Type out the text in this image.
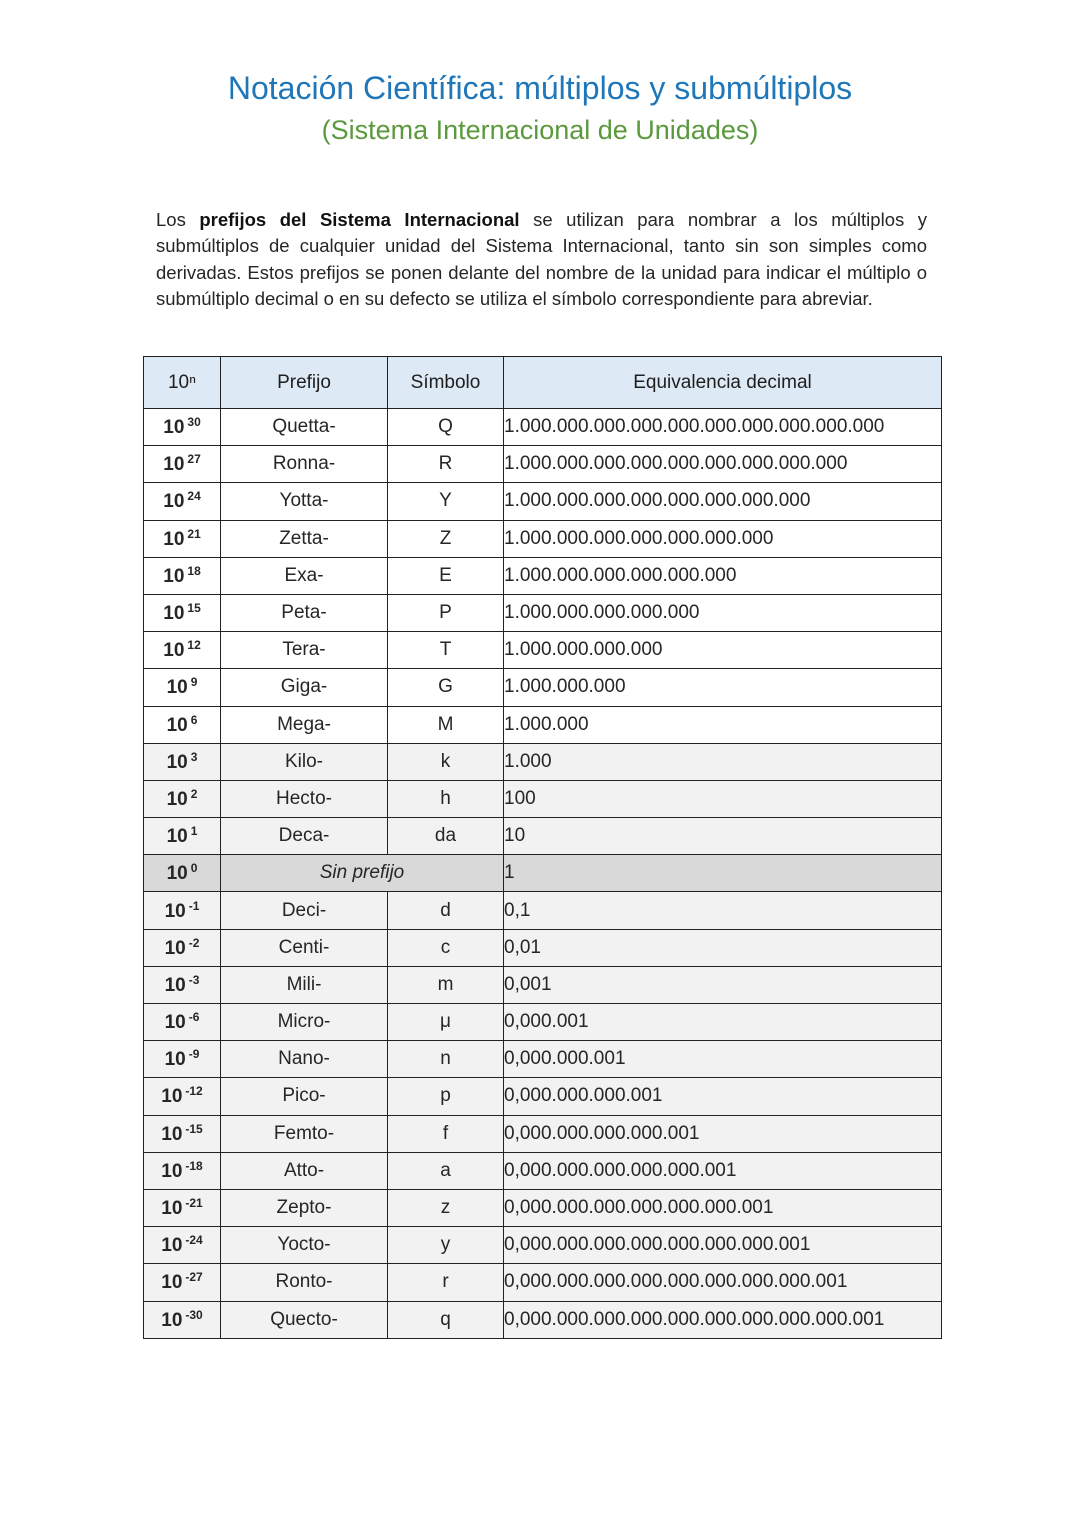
Notación Científica: múltiplos y submúltiplos
(Sistema Internacional de Unidades)

Los prefijos del Sistema Internacional se utilizan para nombrar a los múltiplos y submúltiplos de cualquier unidad del Sistema Internacional, tanto sin son simples como derivadas. Estos prefijos se ponen delante del nombre de la unidad para indicar el múltiplo o submúltiplo decimal o en su defecto se utiliza el símbolo correspondiente para abreviar.

10ⁿ	Prefijo	Símbolo	Equivalencia decimal
10 $^{30}$	Quetta-	Q	1.000.000.000.000.000.000.000.000.000.000
10 $^{27}$	Ronna-	R	1.000.000.000.000.000.000.000.000.000
10 $^{24}$	Yotta-	Y	1.000.000.000.000.000.000.000.000
10 $^{21}$	Zetta-	Z	1.000.000.000.000.000.000.000
10 $^{18}$	Exa-	E	1.000.000.000.000.000.000
10 $^{15}$	Peta-	P	1.000.000.000.000.000
10 $^{12}$	Tera-	T	1.000.000.000.000
10 $^9$	Giga-	G	1.000.000.000
10 $^6$	Mega-	M	1.000.000
10 $^3$	Kilo-	k	1.000
10 $^2$	Hecto-	h	100
10 $^1$	Deca-	da	10
10 $^0$	Sin prefijo		1
10 $^{-1}$	Deci-	d	0,1
10 $^{-2}$	Centi-	c	0,01
10 $^{-3}$	Mili-	m	0,001
10 $^{-6}$	Micro-	μ	0,000.001
10 $^{-9}$	Nano-	n	0,000.000.001
10 $^{-12}$	Pico-	p	0,000.000.000.001
10 $^{-15}$	Femto-	f	0,000.000.000.000.001
10 $^{-18}$	Atto-	a	0,000.000.000.000.000.001
10 $^{-21}$	Zepto-	z	0,000.000.000.000.000.000.001
10 $^{-24}$	Yocto-	y	0,000.000.000.000.000.000.000.001
10 $^{-27}$	Ronto-	r	0,000.000.000.000.000.000.000.000.001
10 $^{-30}$	Quecto-	q	0,000.000.000.000.000.000.000.000.000.001
